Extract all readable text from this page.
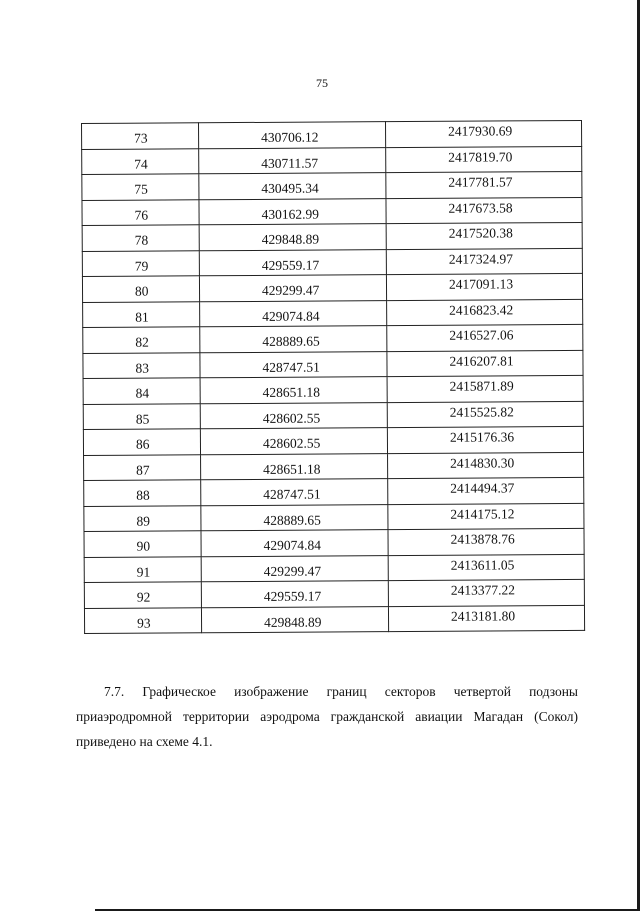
75
73	430706.12	2417930.69
74	430711.57	2417819.70
75	430495.34	2417781.57
76	430162.99	2417673.58
78	429848.89	2417520.38
79	429559.17	2417324.97
80	429299.47	2417091.13
81	429074.84	2416823.42
82	428889.65	2416527.06
83	428747.51	2416207.81
84	428651.18	2415871.89
85	428602.55	2415525.82
86	428602.55	2415176.36
87	428651.18	2414830.30
88	428747.51	2414494.37
89	428889.65	2414175.12
90	429074.84	2413878.76
91	429299.47	2413611.05
92	429559.17	2413377.22
93	429848.89	2413181.80
7.7. Графическое изображение границ секторов четвертой подзоны приаэродромной территории аэродрома гражданской авиации Магадан (Сокол) приведено на схеме 4.1.
